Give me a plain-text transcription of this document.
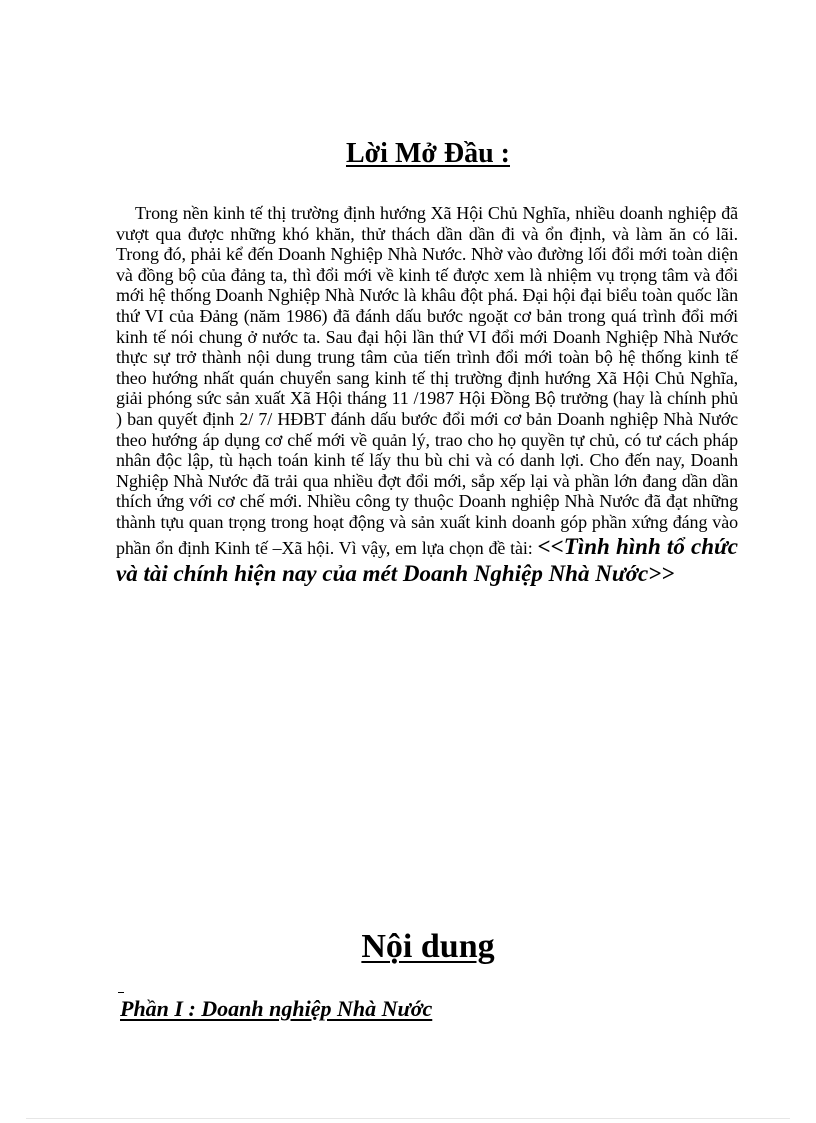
Lời Mở Đầu :

Trong nền kinh tế thị trường định hướng Xã Hội Chủ Nghĩa, nhiều doanh nghiệp đã vượt qua được những khó khăn, thử thách dần dần đi và ổn định, và làm ăn có lãi. Trong đó, phải kể đến Doanh Nghiệp Nhà Nước. Nhờ vào đường lối đổi mới toàn diện và đồng bộ của đảng ta, thì đổi mới về kinh tế được xem là nhiệm vụ trọng tâm và đổi mới hệ thống Doanh Nghiệp Nhà Nước là khâu đột phá. Đại hội đại biểu toàn quốc lần thứ VI của Đảng (năm 1986) đã đánh dấu bước ngoặt cơ bản trong quá trình đổi mới kinh tế nói chung ở nước ta. Sau đại hội lần thứ VI đổi mới Doanh Nghiệp Nhà Nước thực sự trở thành nội dung trung tâm của tiến trình đổi mới toàn bộ hệ thống kinh tế theo hướng nhất quán chuyển sang kinh tế thị trường định hướng Xã Hội Chủ Nghĩa, giải phóng sức sản xuất Xã Hội tháng 11 /1987 Hội Đồng Bộ trưởng (hay là chính phủ ) ban quyết định 2/ 7/ HĐBT đánh dấu bước đổi mới cơ bản Doanh nghiệp Nhà Nước theo hướng áp dụng cơ chế mới về quản lý, trao cho họ quyền tự chủ, có tư cách pháp nhân độc lập, tù hạch toán kinh tế lấy thu bù chi và có danh lợi. Cho đến nay, Doanh Nghiệp Nhà Nước đã trải qua nhiều đợt đổi mới, sắp xếp lại và phần lớn đang dần dần thích ứng với cơ chế mới. Nhiều công ty thuộc Doanh nghiệp Nhà Nước đã đạt những thành tựu quan trọng trong hoạt động và sản xuất kinh doanh góp phần xứng đáng vào phần ổn định Kinh tế –Xã hội. Vì vậy, em lựa chọn đề tài: <<Tình hình tổ chức và tài chính hiện nay của mét Doanh Nghiệp Nhà Nước>>

Nội dung
Phần I : Doanh nghiệp Nhà Nước
